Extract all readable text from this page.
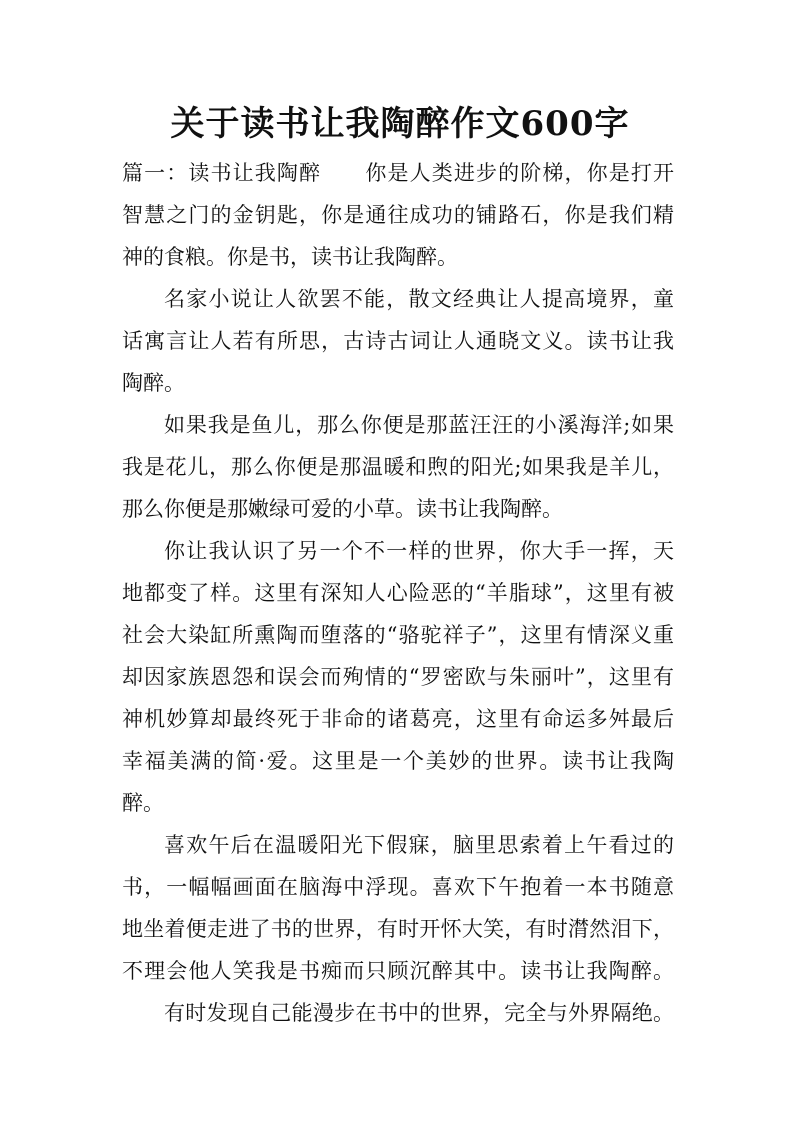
关于读书让我陶醉作文600字
篇一：读书让我陶醉　　你是人类进步的阶梯，你是打开
智慧之门的金钥匙，你是通往成功的铺路石，你是我们精
神的食粮。你是书，读书让我陶醉。
名家小说让人欲罢不能，散文经典让人提高境界，童
话寓言让人若有所思，古诗古词让人通晓文义。读书让我
陶醉。
如果我是鱼儿，那么你便是那蓝汪汪的小溪海洋;如果
我是花儿，那么你便是那温暖和煦的阳光;如果我是羊儿，
那么你便是那嫩绿可爱的小草。读书让我陶醉。
你让我认识了另一个不一样的世界，你大手一挥，天
地都变了样。这里有深知人心险恶的“羊脂球”，这里有被
社会大染缸所熏陶而堕落的“骆驼祥子”，这里有情深义重
却因家族恩怨和误会而殉情的“罗密欧与朱丽叶”，这里有
神机妙算却最终死于非命的诸葛亮，这里有命运多舛最后
幸福美满的简·爱。这里是一个美妙的世界。读书让我陶
醉。
喜欢午后在温暖阳光下假寐，脑里思索着上午看过的
书，一幅幅画面在脑海中浮现。喜欢下午抱着一本书随意
地坐着便走进了书的世界，有时开怀大笑，有时潸然泪下，
不理会他人笑我是书痴而只顾沉醉其中。读书让我陶醉。
有时发现自己能漫步在书中的世界，完全与外界隔绝。
